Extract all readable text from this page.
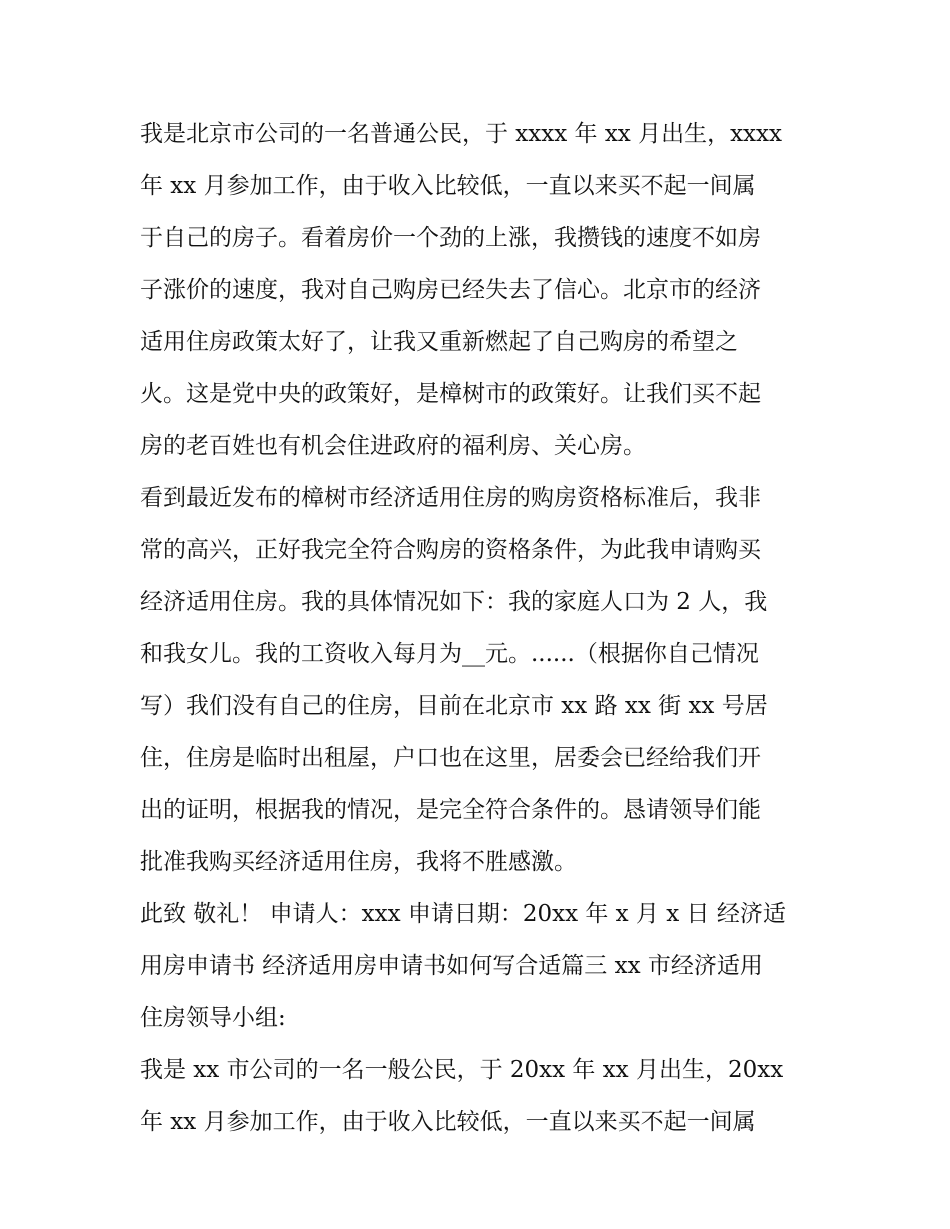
我是北京市公司的一名普通公民，于 xxxx 年 xx 月出生，xxxx
年 xx 月参加工作，由于收入比较低，一直以来买不起一间属
于自己的房子。看着房价一个劲的上涨，我攒钱的速度不如房
子涨价的速度，我对自己购房已经失去了信心。北京市的经济
适用住房政策太好了，让我又重新燃起了自己购房的希望之
火。这是党中央的政策好，是樟树市的政策好。让我们买不起
房的老百姓也有机会住进政府的福利房、关心房。
看到最近发布的樟树市经济适用住房的购房资格标准后，我非
常的高兴，正好我完全符合购房的资格条件，为此我申请购买
经济适用住房。我的具体情况如下：我的家庭人口为 2 人，我
和我女儿。我的工资收入每月为__元。......（根据你自己情况
写）我们没有自己的住房，目前在北京市 xx 路 xx 街 xx 号居
住，住房是临时出租屋，户口也在这里，居委会已经给我们开
出的证明，根据我的情况，是完全符合条件的。恳请领导们能
批准我购买经济适用住房，我将不胜感激。
此致 敬礼！ 申请人：xxx 申请日期：20xx 年 x 月 x 日 经济适
用房申请书 经济适用房申请书如何写合适篇三 xx 市经济适用
住房领导小组:
我是 xx 市公司的一名一般公民，于 20xx 年 xx 月出生，20xx
年 xx 月参加工作，由于收入比较低，一直以来买不起一间属
